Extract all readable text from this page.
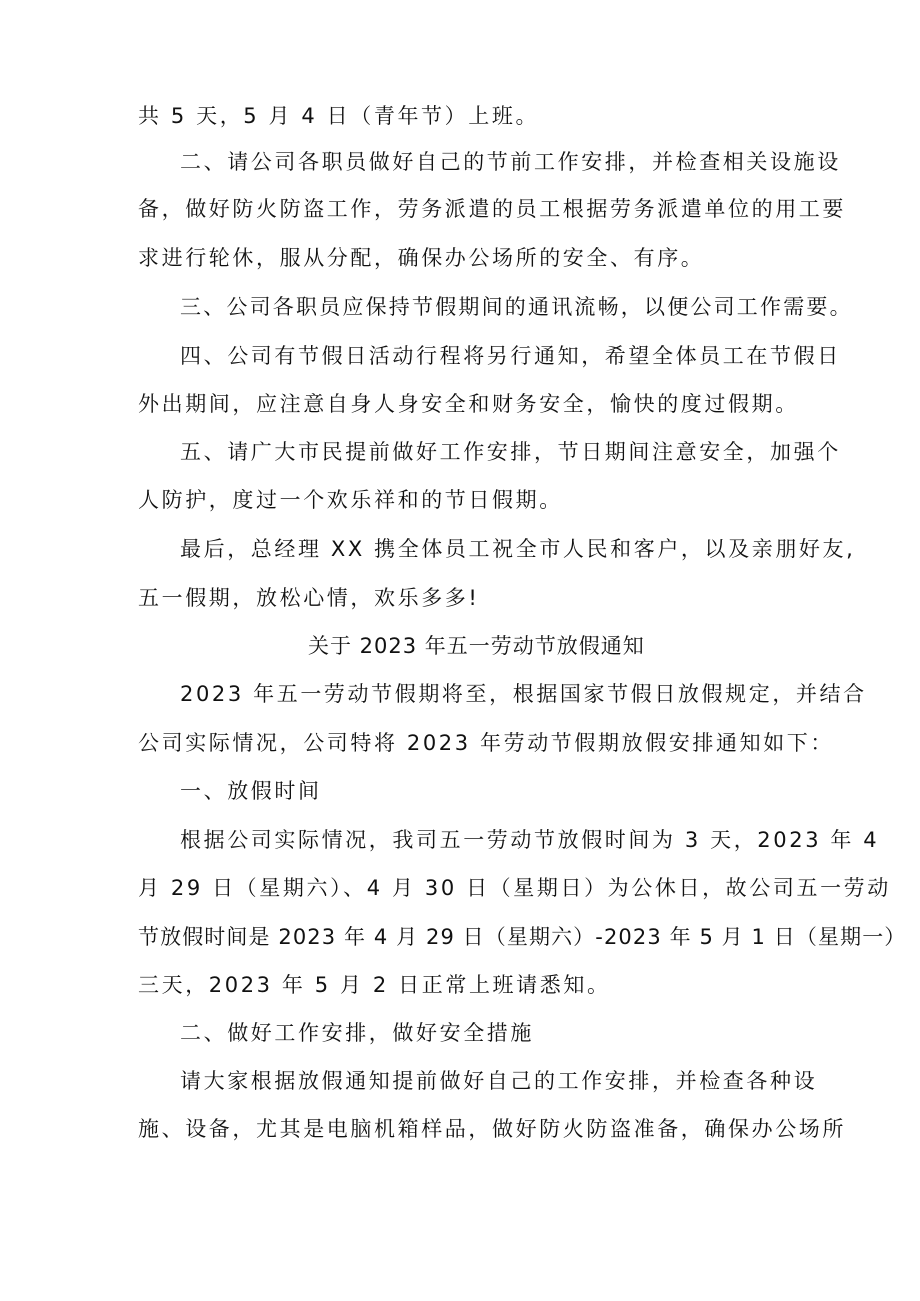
共 5 天，5 月 4 日（青年节）上班。
二、请公司各职员做好自己的节前工作安排，并检查相关设施设
备，做好防火防盗工作，劳务派遣的员工根据劳务派遣单位的用工要
求进行轮休，服从分配，确保办公场所的安全、有序。
三、公司各职员应保持节假期间的通讯流畅，以便公司工作需要。
四、公司有节假日活动行程将另行通知，希望全体员工在节假日
外出期间，应注意自身人身安全和财务安全，愉快的度过假期。
五、请广大市民提前做好工作安排，节日期间注意安全，加强个
人防护，度过一个欢乐祥和的节日假期。
最后，总经理 XX 携全体员工祝全市人民和客户，以及亲朋好友,
五一假期，放松心情，欢乐多多!
关于 2023 年五一劳动节放假通知
2023 年五一劳动节假期将至，根据国家节假日放假规定，并结合
公司实际情况，公司特将 2023 年劳动节假期放假安排通知如下：
一、放假时间
根据公司实际情况，我司五一劳动节放假时间为 3 天，2023 年 4
月 29 日（星期六）、4 月 30 日（星期日）为公休日，故公司五一劳动
节放假时间是 2023 年 4 月 29 日（星期六）-2023 年 5 月 1 日（星期一）
三天，2023 年 5 月 2 日正常上班请悉知。
二、做好工作安排，做好安全措施
请大家根据放假通知提前做好自己的工作安排，并检查各种设
施、设备，尤其是电脑机箱样品，做好防火防盗准备，确保办公场所
